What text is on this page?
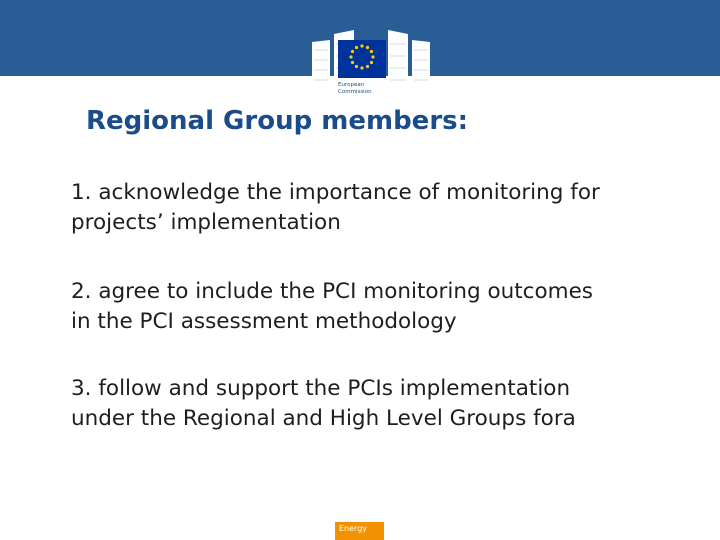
European
Commission
Regional Group members:

1. acknowledge the importance of monitoring for
projects’ implementation

2. agree to include the PCI monitoring outcomes
in the PCI assessment methodology

3. follow and support the PCIs implementation
under the Regional and High Level Groups fora

Energy
